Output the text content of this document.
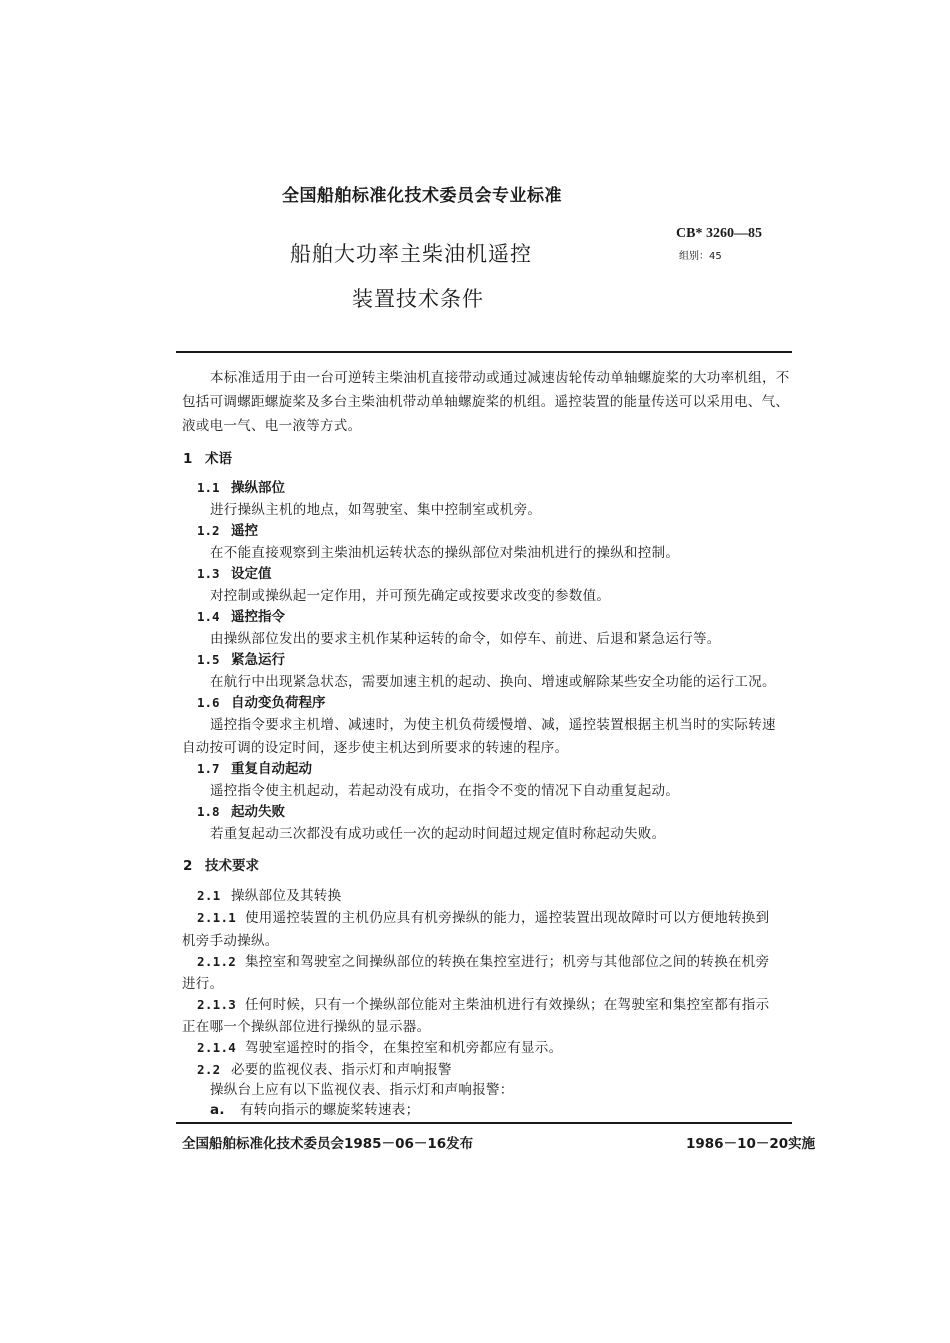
全国船舶标准化技术委员会专业标准
CB* 3260—85
组别：45
船舶大功率主柴油机遥控
装置技术条件
本标准适用于由一台可逆转主柴油机直接带动或通过减速齿轮传动单轴螺旋桨的大功率机组，不
包括可调螺距螺旋桨及多台主柴油机带动单轴螺旋桨的机组。遥控装置的能量传送可以采用电、气、
液或电一气、电一液等方式。
1 术语
1.1 操纵部位
进行操纵主机的地点，如驾驶室、集中控制室或机旁。
1.2 遥控
在不能直接观察到主柴油机运转状态的操纵部位对柴油机进行的操纵和控制。
1.3 设定值
对控制或操纵起一定作用，并可预先确定或按要求改变的参数值。
1.4 遥控指令
由操纵部位发出的要求主机作某种运转的命令，如停车、前进、后退和紧急运行等。
1.5 紧急运行
在航行中出现紧急状态，需要加速主机的起动、换向、增速或解除某些安全功能的运行工况。
1.6 自动变负荷程序
遥控指令要求主机增、减速时，为使主机负荷缓慢增、减，遥控装置根据主机当时的实际转速
自动按可调的设定时间，逐步使主机达到所要求的转速的程序。
1.7 重复自动起动
遥控指令使主机起动，若起动没有成功，在指令不变的情况下自动重复起动。
1.8 起动失败
若重复起动三次都没有成功或任一次的起动时间超过规定值时称起动失败。
2 技术要求
2.1 操纵部位及其转换
2.1.1 使用遥控装置的主机仍应具有机旁操纵的能力，遥控装置出现故障时可以方便地转换到
机旁手动操纵。
2.1.2 集控室和驾驶室之间操纵部位的转换在集控室进行；机旁与其他部位之间的转换在机旁
进行。
2.1.3 任何时候，只有一个操纵部位能对主柴油机进行有效操纵；在驾驶室和集控室都有指示
正在哪一个操纵部位进行操纵的显示器。
2.1.4 驾驶室遥控时的指令，在集控室和机旁都应有显示。
2.2 必要的监视仪表、指示灯和声响报警
操纵台上应有以下监视仪表、指示灯和声响报警：
a. 有转向指示的螺旋桨转速表；
全国船舶标准化技术委员会1985－06－16发布	1986－10－20实施
